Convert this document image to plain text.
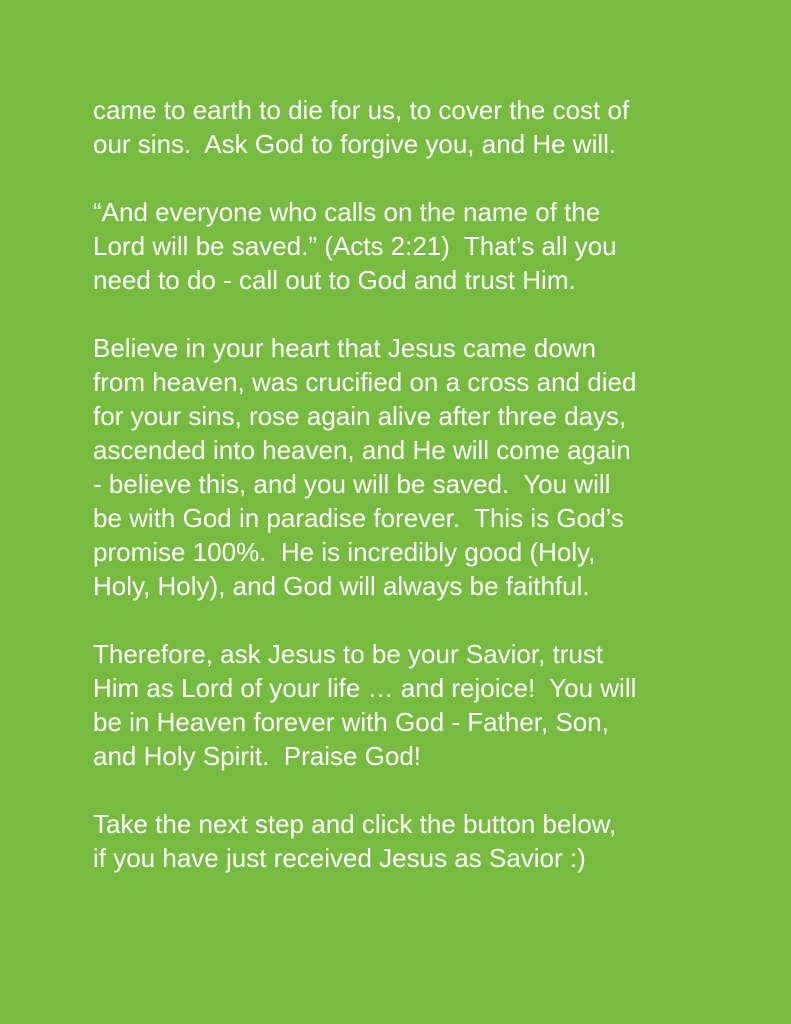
came to earth to die for us, to cover the cost of
our sins.  Ask God to forgive you, and He will.

“And everyone who calls on the name of the
Lord will be saved.” (Acts 2:21)  That’s all you
need to do - call out to God and trust Him.

Believe in your heart that Jesus came down
from heaven, was crucified on a cross and died
for your sins, rose again alive after three days,
ascended into heaven, and He will come again
- believe this, and you will be saved.  You will
be with God in paradise forever.  This is God’s
promise 100%.  He is incredibly good (Holy,
Holy, Holy), and God will always be faithful.

Therefore, ask Jesus to be your Savior, trust
Him as Lord of your life … and rejoice!  You will
be in Heaven forever with God - Father, Son,
and Holy Spirit.  Praise God!

Take the next step and click the button below,
if you have just received Jesus as Savior :)
